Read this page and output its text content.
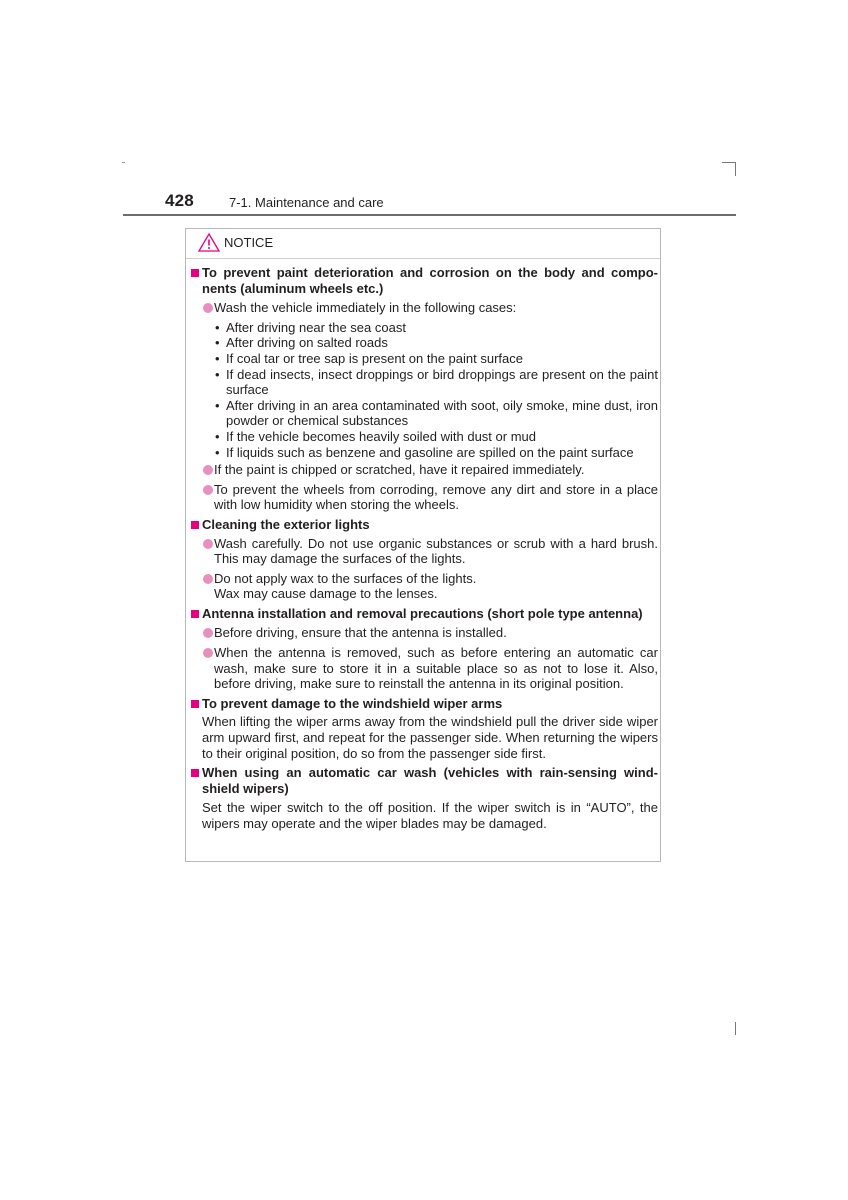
428	7-1. Maintenance and care
NOTICE
To prevent paint deterioration and corrosion on the body and compo-nents (aluminum wheels etc.)
Wash the vehicle immediately in the following cases:
• After driving near the sea coast
• After driving on salted roads
• If coal tar or tree sap is present on the paint surface
• If dead insects, insect droppings or bird droppings are present on the paint surface
• After driving in an area contaminated with soot, oily smoke, mine dust, iron powder or chemical substances
• If the vehicle becomes heavily soiled with dust or mud
• If liquids such as benzene and gasoline are spilled on the paint surface
If the paint is chipped or scratched, have it repaired immediately.
To prevent the wheels from corroding, remove any dirt and store in a place with low humidity when storing the wheels.
Cleaning the exterior lights
Wash carefully. Do not use organic substances or scrub with a hard brush. This may damage the surfaces of the lights.
Do not apply wax to the surfaces of the lights.
Wax may cause damage to the lenses.
Antenna installation and removal precautions (short pole type antenna)
Before driving, ensure that the antenna is installed.
When the antenna is removed, such as before entering an automatic car wash, make sure to store it in a suitable place so as not to lose it. Also, before driving, make sure to reinstall the antenna in its original position.
To prevent damage to the windshield wiper arms
When lifting the wiper arms away from the windshield pull the driver side wiper arm upward first, and repeat for the passenger side. When returning the wipers to their original position, do so from the passenger side first.
When using an automatic car wash (vehicles with rain-sensing wind-shield wipers)
Set the wiper switch to the off position. If the wiper switch is in “AUTO”, the wipers may operate and the wiper blades may be damaged.
